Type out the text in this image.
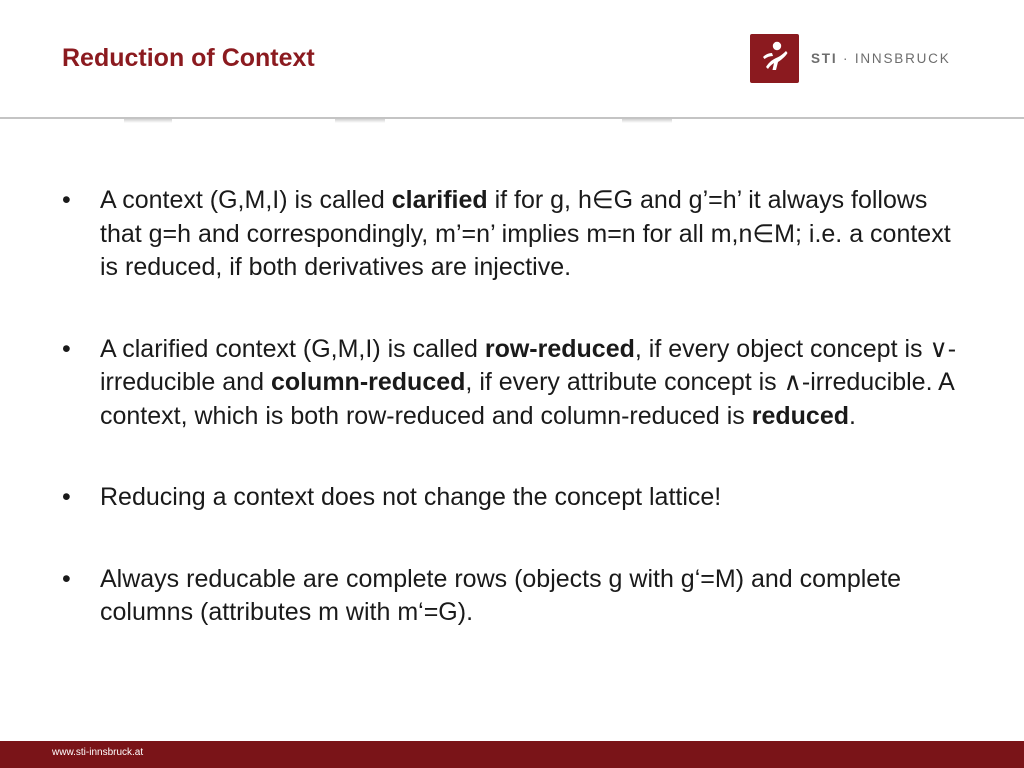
Reduction of Context	STI · INNSBRUCK
•	A context (G,M,I) is called clarified if for g, h∈G and g’=h’ it always follows that g=h and correspondingly, m’=n’ implies m=n for all m,n∈M; i.e. a context is reduced, if both derivatives are injective.
•	A clarified context (G,M,I) is called row-reduced, if every object concept is ∨-irreducible and column-reduced, if every attribute concept is ∧-irreducible. A context, which is both row-reduced and column-reduced is reduced.
•	Reducing a context does not change the concept lattice!
•	Always reducable are complete rows (objects g with g‘=M) and complete columns (attributes m with m‘=G).
www.sti-innsbruck.at
